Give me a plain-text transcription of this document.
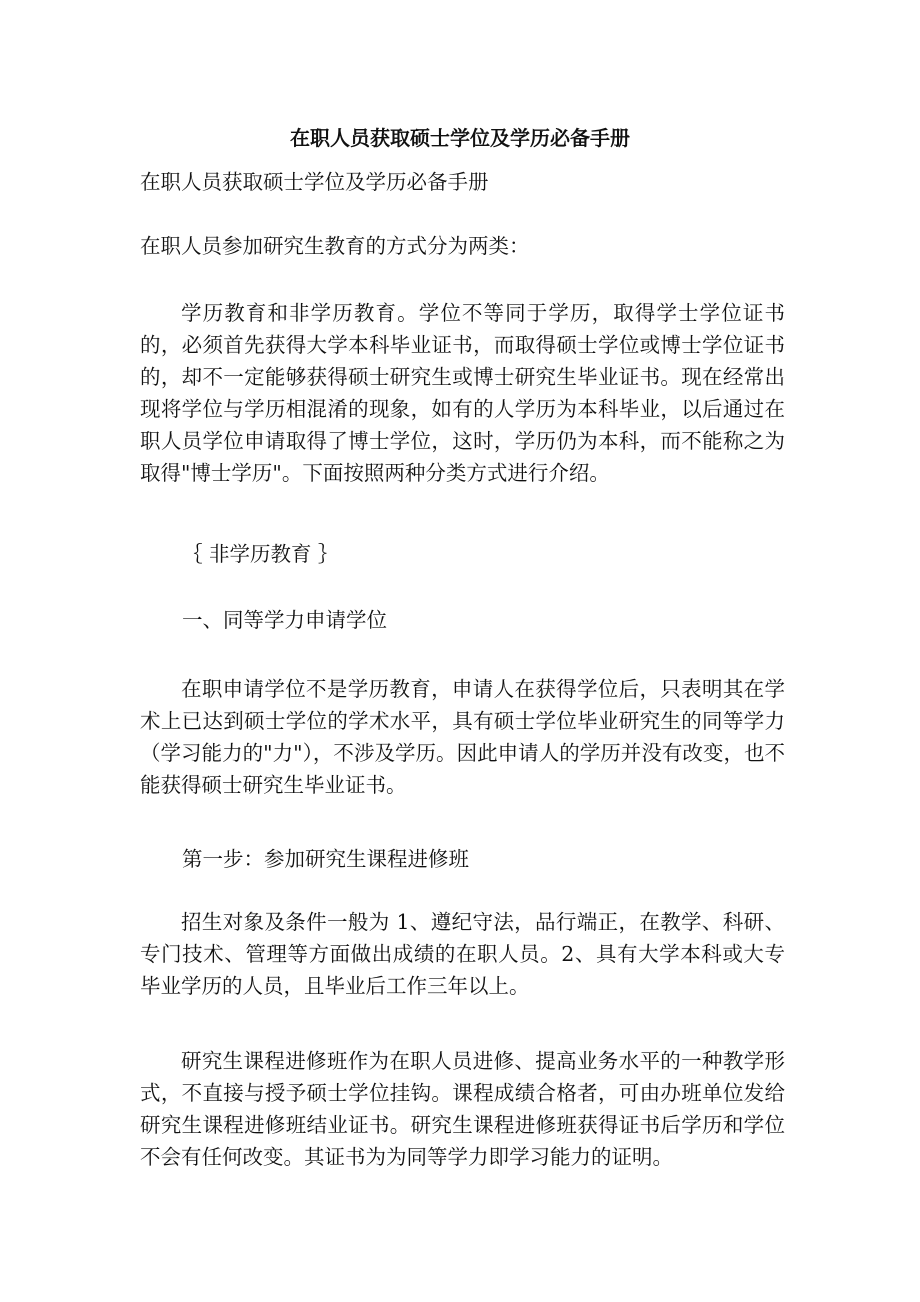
在职人员获取硕士学位及学历必备手册

在职人员获取硕士学位及学历必备手册

在职人员参加研究生教育的方式分为两类：

学历教育和非学历教育。学位不等同于学历，取得学士学位证书的，必须首先获得大学本科毕业证书，而取得硕士学位或博士学位证书的，却不一定能够获得硕士研究生或博士研究生毕业证书。现在经常出现将学位与学历相混淆的现象，如有的人学历为本科毕业，以后通过在职人员学位申请取得了博士学位，这时，学历仍为本科，而不能称之为取得"博士学历"。下面按照两种分类方式进行介绍。

｛ 非学历教育 ｝

一、同等学力申请学位

在职申请学位不是学历教育，申请人在获得学位后，只表明其在学术上已达到硕士学位的学术水平，具有硕士学位毕业研究生的同等学力（学习能力的"力"），不涉及学历。因此申请人的学历并没有改变，也不能获得硕士研究生毕业证书。

第一步：参加研究生课程进修班

招生对象及条件一般为 1、遵纪守法，品行端正，在教学、科研、专门技术、管理等方面做出成绩的在职人员。2、具有大学本科或大专毕业学历的人员，且毕业后工作三年以上。

研究生课程进修班作为在职人员进修、提高业务水平的一种教学形式，不直接与授予硕士学位挂钩。课程成绩合格者，可由办班单位发给研究生课程进修班结业证书。研究生课程进修班获得证书后学历和学位不会有任何改变。其证书为为同等学力即学习能力的证明。
